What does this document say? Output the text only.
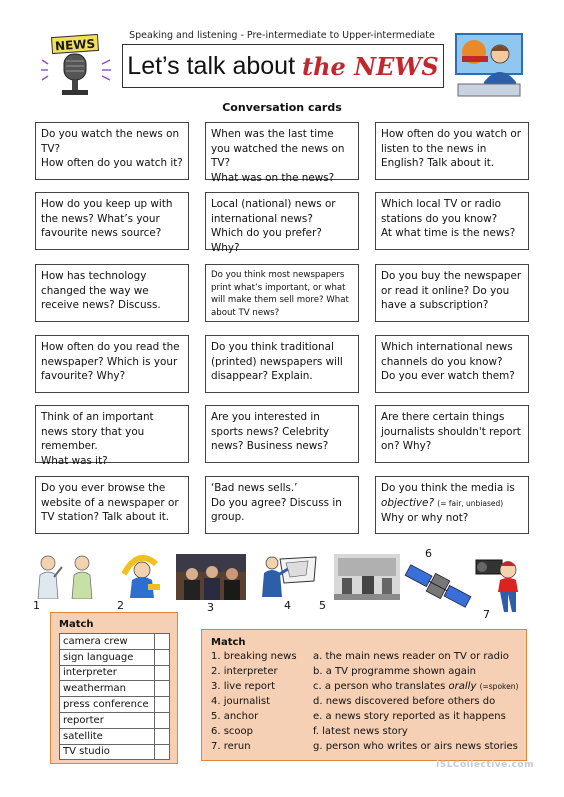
Speaking and listening - Pre-intermediate to Upper-intermediate
NEWS
Let’s talk about the NEWS
Conversation cards
Do you watch the news on TV?
How often do you watch it?
When was the last time you watched the news on TV?
What was on the news?
How often do you watch or listen to the news in English? Talk about it.
How do you keep up with the news? What’s your favourite news source?
Local (national) news or international news?
Which do you prefer? Why?
Which local TV or radio stations do you know?
At what time is the news?
How has technology changed the way we receive news? Discuss.
Do you think most newspapers print what’s important, or what will make them sell more? What about TV news?
Do you buy the newspaper or read it online? Do you have a subscription?
How often do you read the newspaper? Which is your favourite? Why?
Do you think traditional (printed) newspapers will disappear? Explain.
Which international news channels do you know?
Do you ever watch them?
Think of an important news story that you remember.
What was it?
Are you interested in sports news? Celebrity news? Business news?
Are there certain things journalists shouldn't report on? Why?
Do you ever browse the website of a newspaper or TV station? Talk about it.
‘Bad news sells.’
Do you agree? Discuss in group.
Do you think the media is objective? (= fair, unbiased)
Why or why not?
1	2	3	4	5
6
7
Match
camera crew	
sign language	
interpreter	
weatherman	
press conference	
reporter	
satellite	
TV studio	
Match
1. breaking news
2. interpreter
3. live report
4. journalist
5. anchor
6. scoop
7. rerun
a. the main news reader on TV or radio
b. a TV programme shown again
c. a person who translates orally (=spoken)
d. news discovered before others do
e. a news story reported as it happens
f. latest news story
g. person who writes or airs news stories
iSLCollective.com
